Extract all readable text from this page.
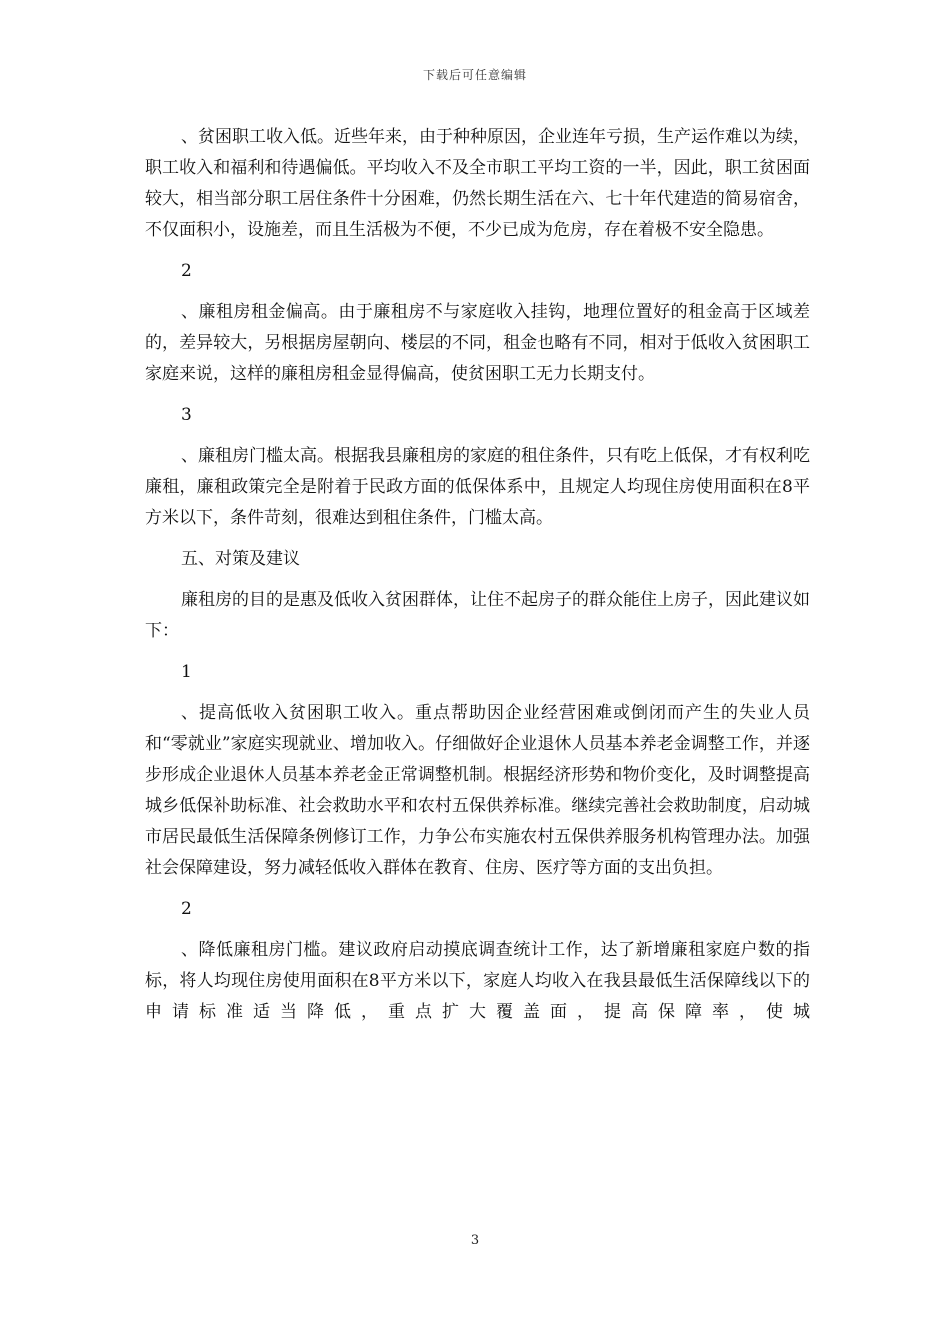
下载后可任意编辑

、贫困职工收入低。近些年来，由于种种原因，企业连年亏损，生产运作难以为续，职工收入和福利和待遇偏低。平均收入不及全市职工平均工资的一半，因此，职工贫困面较大，相当部分职工居住条件十分困难，仍然长期生活在六、七十年代建造的简易宿舍，不仅面积小，设施差，而且生活极为不便，不少已成为危房，存在着极不安全隐患。

2

、廉租房租金偏高。由于廉租房不与家庭收入挂钩，地理位置好的租金高于区域差的，差异较大，另根据房屋朝向、楼层的不同，租金也略有不同，相对于低收入贫困职工家庭来说，这样的廉租房租金显得偏高，使贫困职工无力长期支付。

3

、廉租房门槛太高。根据我县廉租房的家庭的租住条件，只有吃上低保，才有权利吃廉租，廉租政策完全是附着于民政方面的低保体系中，且规定人均现住房使用面积在8平方米以下，条件苛刻，很难达到租住条件，门槛太高。

五、对策及建议

廉租房的目的是惠及低收入贫困群体，让住不起房子的群众能住上房子，因此建议如下：

1

、提高低收入贫困职工收入。重点帮助因企业经营困难或倒闭而产生的失业人员和“零就业”家庭实现就业、增加收入。仔细做好企业退休人员基本养老金调整工作，并逐步形成企业退休人员基本养老金正常调整机制。根据经济形势和物价变化，及时调整提高城乡低保补助标准、社会救助水平和农村五保供养标准。继续完善社会救助制度，启动城市居民最低生活保障条例修订工作，力争公布实施农村五保供养服务机构管理办法。加强社会保障建设，努力减轻低收入群体在教育、住房、医疗等方面的支出负担。

2

、降低廉租房门槛。建议政府启动摸底调查统计工作，达了新增廉租家庭户数的指标，将人均现住房使用面积在8平方米以下，家庭人均收入在我县最低生活保障线以下的申请标准适当降低，重点扩大覆盖面，提高保障率，使城

3
